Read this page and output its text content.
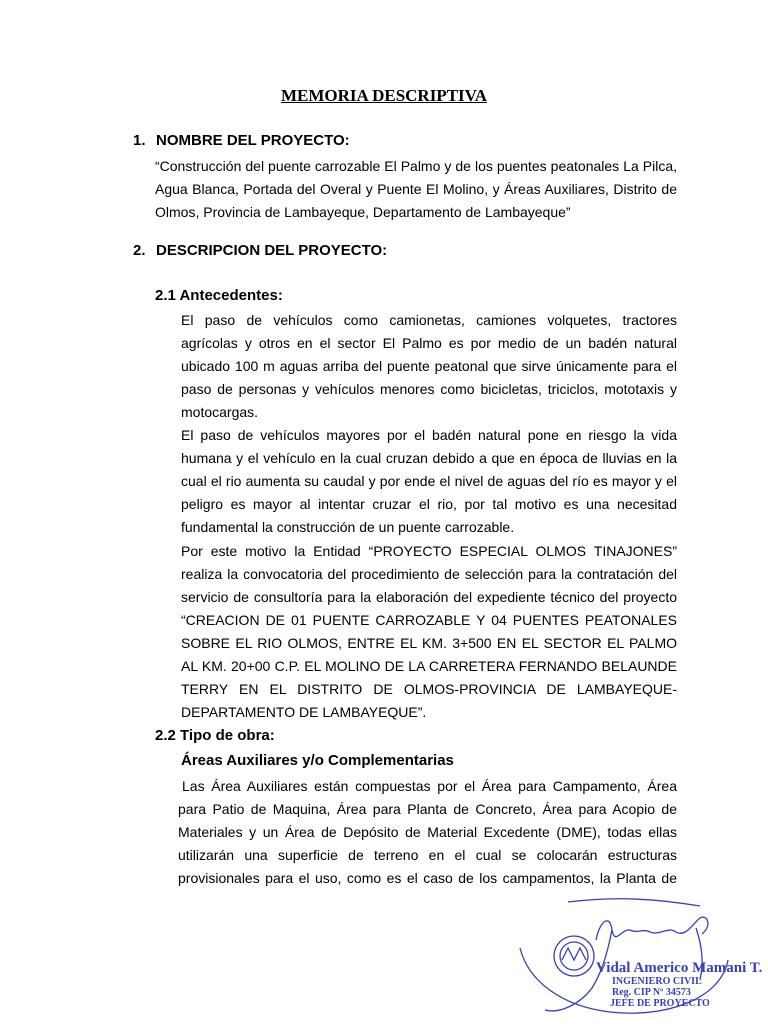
MEMORIA DESCRIPTIVA
1. NOMBRE DEL PROYECTO:
“Construcción del puente carrozable El Palmo y de los puentes peatonales La Pilca,
Agua Blanca, Portada del Overal y Puente El Molino, y Áreas Auxiliares, Distrito de
Olmos, Provincia de Lambayeque, Departamento de Lambayeque”
2. DESCRIPCION DEL PROYECTO:
2.1 Antecedentes:
El paso de vehículos como camionetas, camiones volquetes, tractores
agrícolas y otros en el sector El Palmo es por medio de un badén natural
ubicado 100 m aguas arriba del puente peatonal que sirve únicamente para el
paso de personas y vehículos menores como bicicletas, triciclos, mototaxis y
motocargas.
El paso de vehículos mayores por el badén natural pone en riesgo la vida
humana y el vehículo en la cual cruzan debido a que en época de lluvias en la
cual el rio aumenta su caudal y por ende el nivel de aguas del río es mayor y el
peligro es mayor al intentar cruzar el rio, por tal motivo es una necesitad
fundamental la construcción de un puente carrozable.
Por este motivo la Entidad “PROYECTO ESPECIAL OLMOS TINAJONES”
realiza la convocatoria del procedimiento de selección para la contratación del
servicio de consultoría para la elaboración del expediente técnico del proyecto
“CREACION DE 01 PUENTE CARROZABLE Y 04 PUENTES PEATONALES
SOBRE EL RIO OLMOS, ENTRE EL KM. 3+500 EN EL SECTOR EL PALMO
AL KM. 20+00 C.P. EL MOLINO DE LA CARRETERA FERNANDO BELAUNDE
TERRY EN EL DISTRITO DE OLMOS-PROVINCIA DE LAMBAYEQUE-
DEPARTAMENTO DE LAMBAYEQUE”.
2.2 Tipo de obra:
Áreas Auxiliares y/o Complementarias
Las Área Auxiliares están compuestas por el Área para Campamento, Área
para Patio de Maquina, Área para Planta de Concreto, Área para Acopio de
Materiales y un Área de Depósito de Material Excedente (DME), todas ellas
utilizarán una superficie de terreno en el cual se colocarán estructuras
provisionales para el uso, como es el caso de los campamentos, la Planta de
Vidal Americo Mamani T.
INGENIERO CIVIL
Reg. CIP Nº 34573
JEFE DE PROYECTO
